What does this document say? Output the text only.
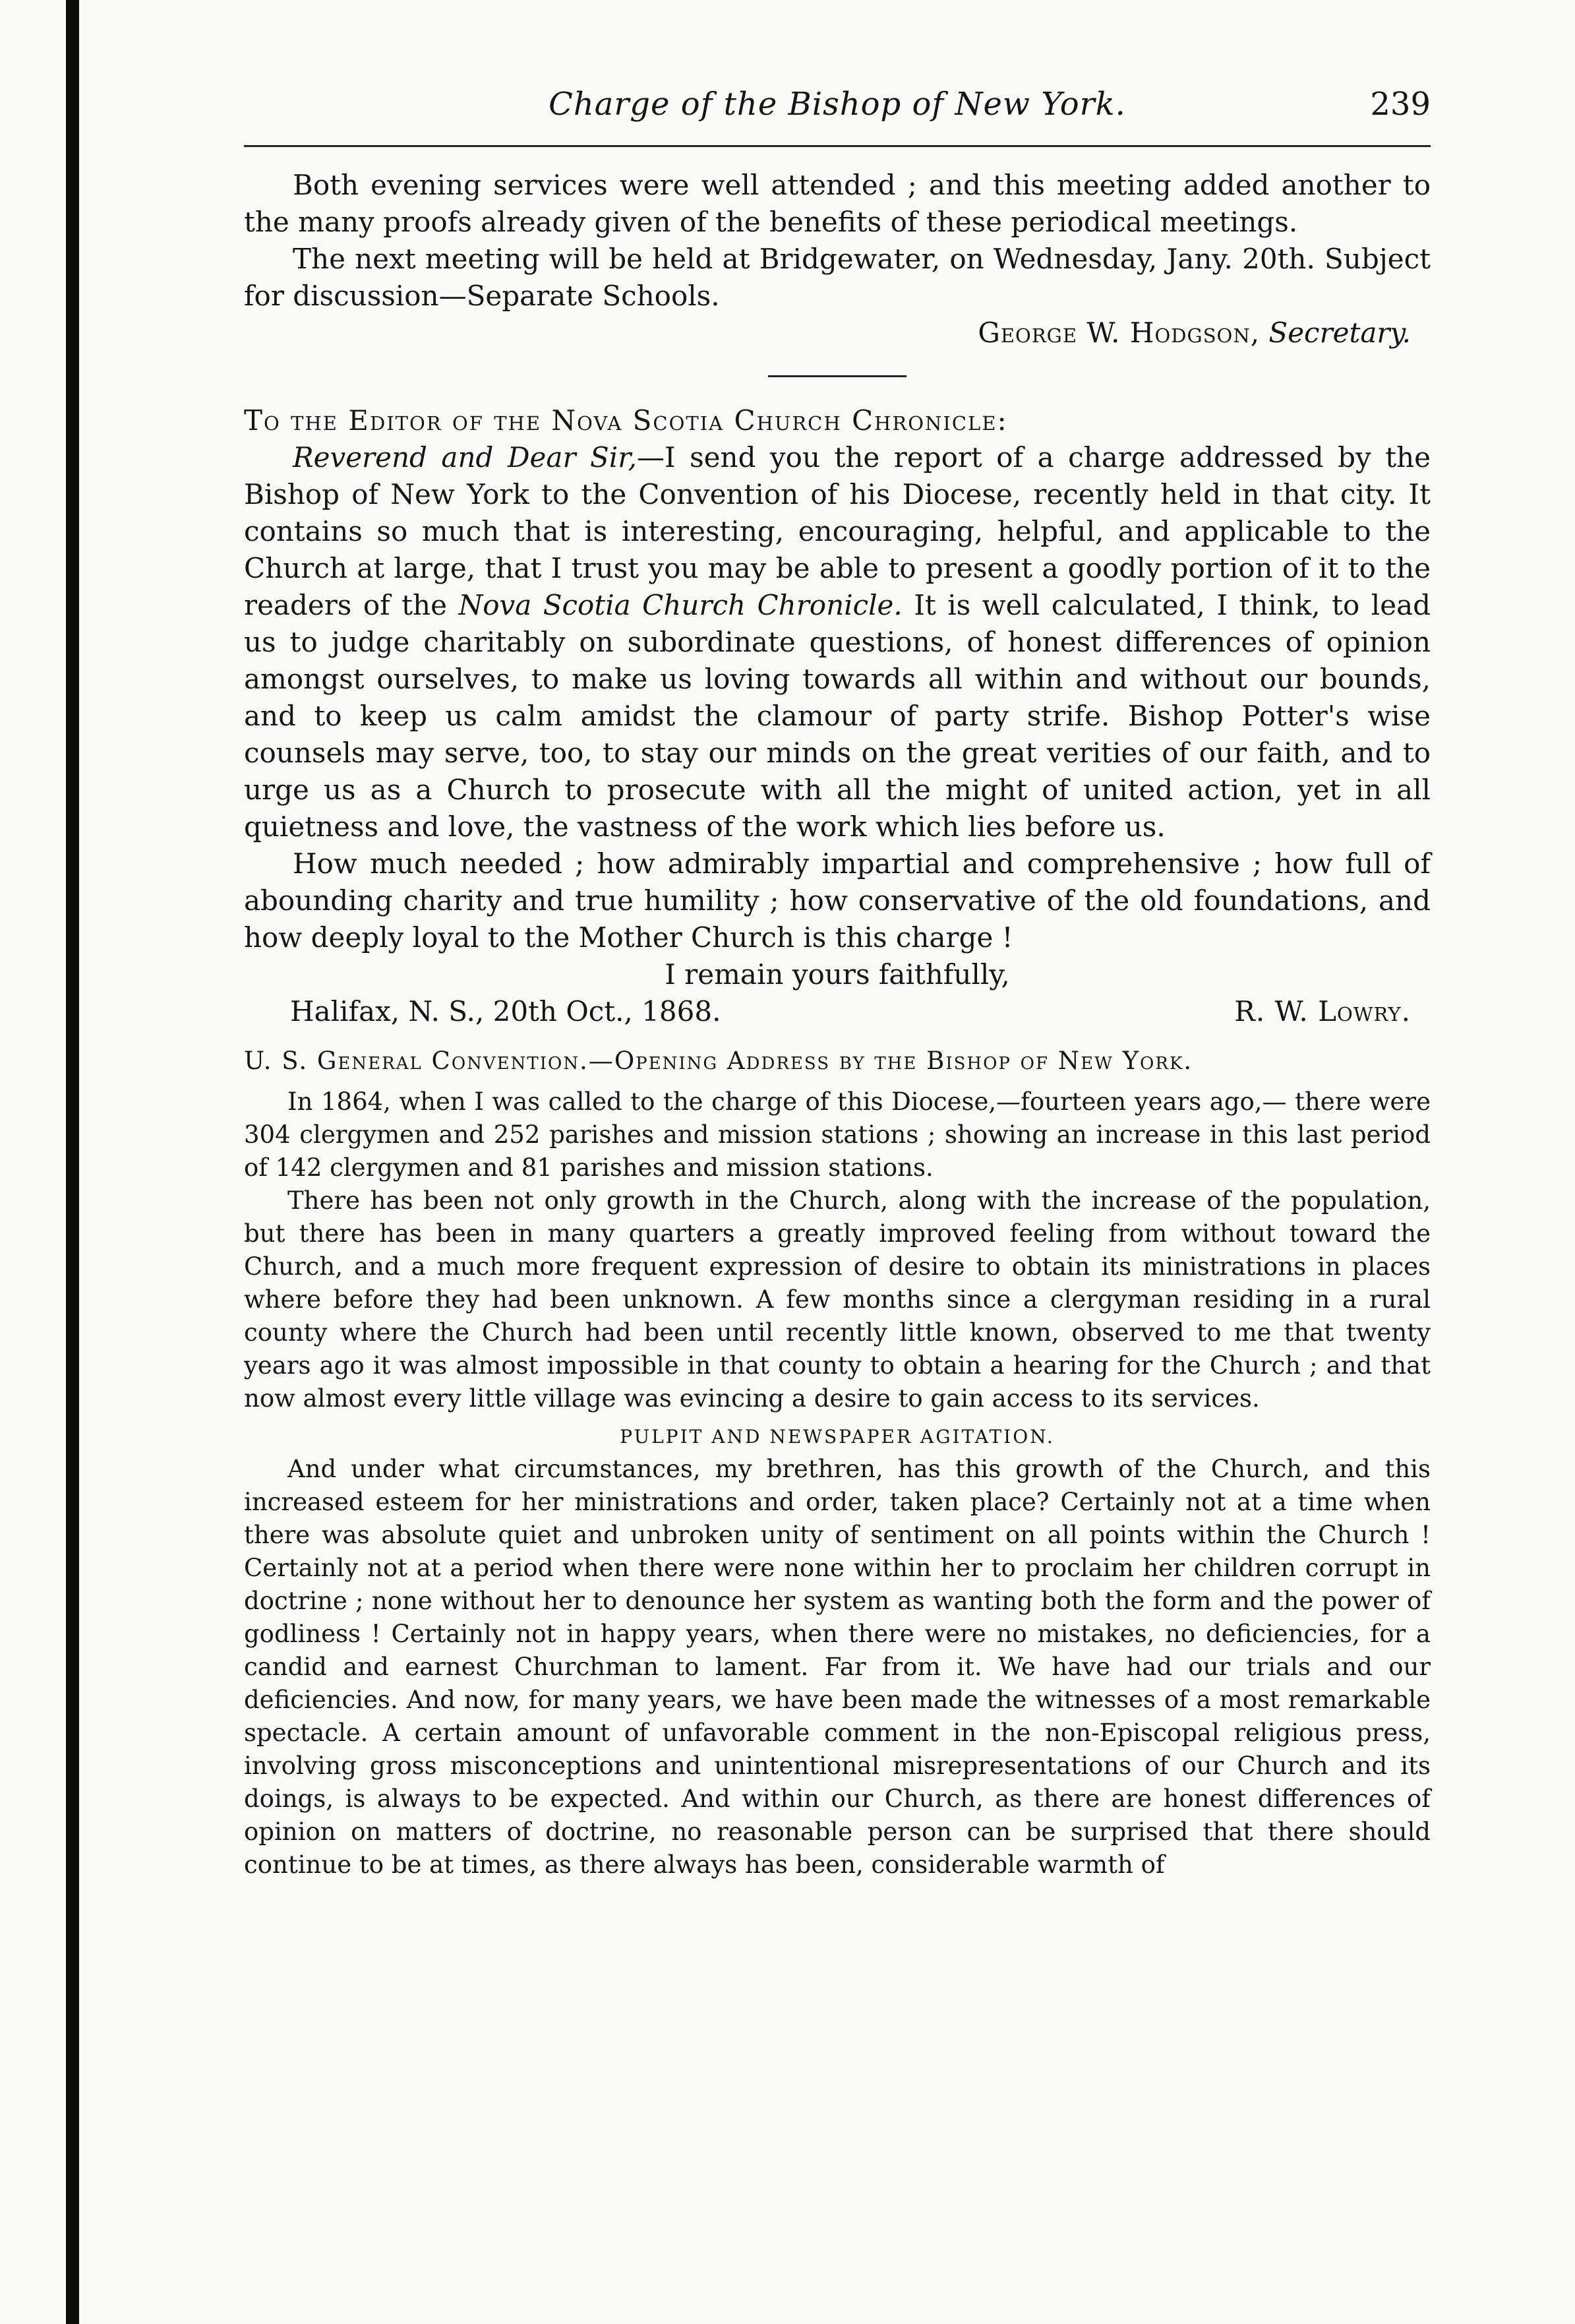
Charge of the Bishop of New York.	239

Both evening services were well attended ; and this meeting added another to the many proofs already given of the benefits of these periodical meetings.

The next meeting will be held at Bridgewater, on Wednesday, Jany. 20th. Subject for discussion—Separate Schools.

George W. Hodgson, Secretary.
To the Editor of the Nova Scotia Church Chronicle:

Reverend and Dear Sir,—I send you the report of a charge addressed by the Bishop of New York to the Convention of his Diocese, recently held in that city. It contains so much that is interesting, encouraging, helpful, and applicable to the Church at large, that I trust you may be able to present a goodly portion of it to the readers of the Nova Scotia Church Chronicle. It is well calculated, I think, to lead us to judge charitably on subordinate questions, of honest differences of opinion amongst ourselves, to make us loving towards all within and without our bounds, and to keep us calm amidst the clamour of party strife. Bishop Potter's wise counsels may serve, too, to stay our minds on the great verities of our faith, and to urge us as a Church to prosecute with all the might of united action, yet in all quietness and love, the vastness of the work which lies before us.

How much needed ; how admirably impartial and comprehensive ; how full of abounding charity and true humility ; how conservative of the old foundations, and how deeply loyal to the Mother Church is this charge !

I remain yours faithfully,
Halifax, N. S., 20th Oct., 1868.	R. W. Lowry.
U. S. General Convention.—Opening Address by the Bishop of New York.

In 1864, when I was called to the charge of this Diocese,—fourteen years ago,— there were 304 clergymen and 252 parishes and mission stations ; showing an increase in this last period of 142 clergymen and 81 parishes and mission stations.

There has been not only growth in the Church, along with the increase of the population, but there has been in many quarters a greatly improved feeling from without toward the Church, and a much more frequent expression of desire to obtain its ministrations in places where before they had been unknown. A few months since a clergyman residing in a rural county where the Church had been until recently little known, observed to me that twenty years ago it was almost impossible in that county to obtain a hearing for the Church ; and that now almost every little village was evincing a desire to gain access to its services.

PULPIT AND NEWSPAPER AGITATION.

And under what circumstances, my brethren, has this growth of the Church, and this increased esteem for her ministrations and order, taken place? Certainly not at a time when there was absolute quiet and unbroken unity of sentiment on all points within the Church ! Certainly not at a period when there were none within her to proclaim her children corrupt in doctrine ; none without her to denounce her system as wanting both the form and the power of godliness ! Certainly not in happy years, when there were no mistakes, no deficiencies, for a candid and earnest Churchman to lament. Far from it. We have had our trials and our deficiencies. And now, for many years, we have been made the witnesses of a most remarkable spectacle. A certain amount of unfavorable comment in the non-Episcopal religious press, involving gross misconceptions and unintentional misrepresentations of our Church and its doings, is always to be expected. And within our Church, as there are honest differences of opinion on matters of doctrine, no reasonable person can be surprised that there should continue to be at times, as there always has been, considerable warmth of
